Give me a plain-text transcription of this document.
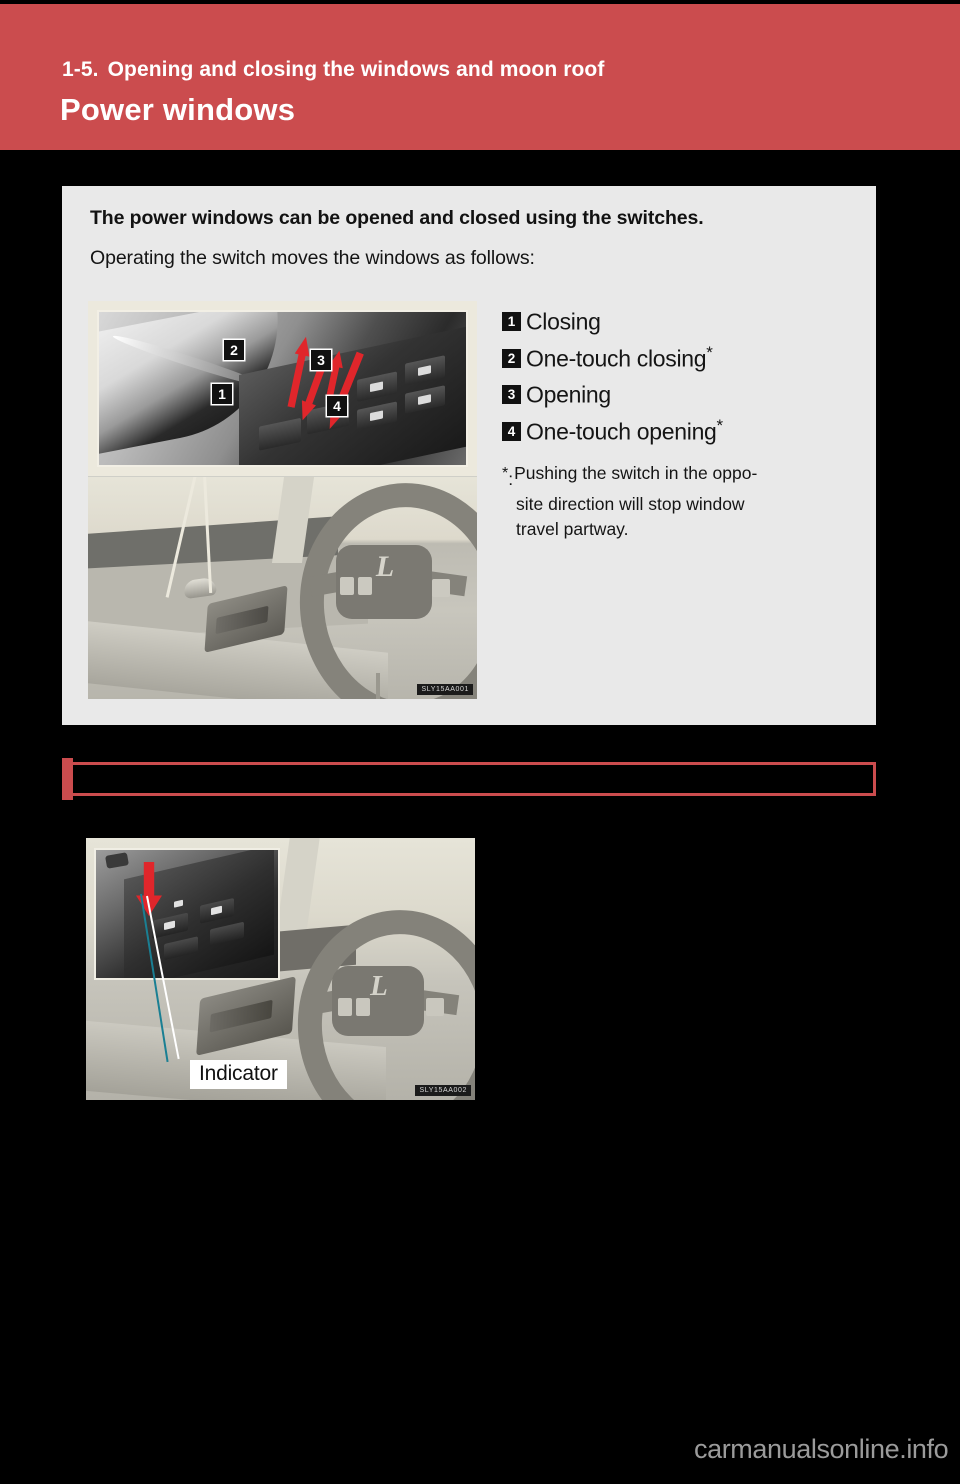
1-5. Opening and closing the windows and moon roof
Power windows
The power windows can be opened and closed using the switches.
Operating the switch moves the windows as follows:
1
2
3
4
L
SLY15AA001
1 Closing
2 One-touch closing*
3 Opening
4 One-touch opening*
*: Pushing the switch in the oppo-
site direction will stop window
travel partway.
L
Indicator
SLY15AA002
carmanualsonline.info
